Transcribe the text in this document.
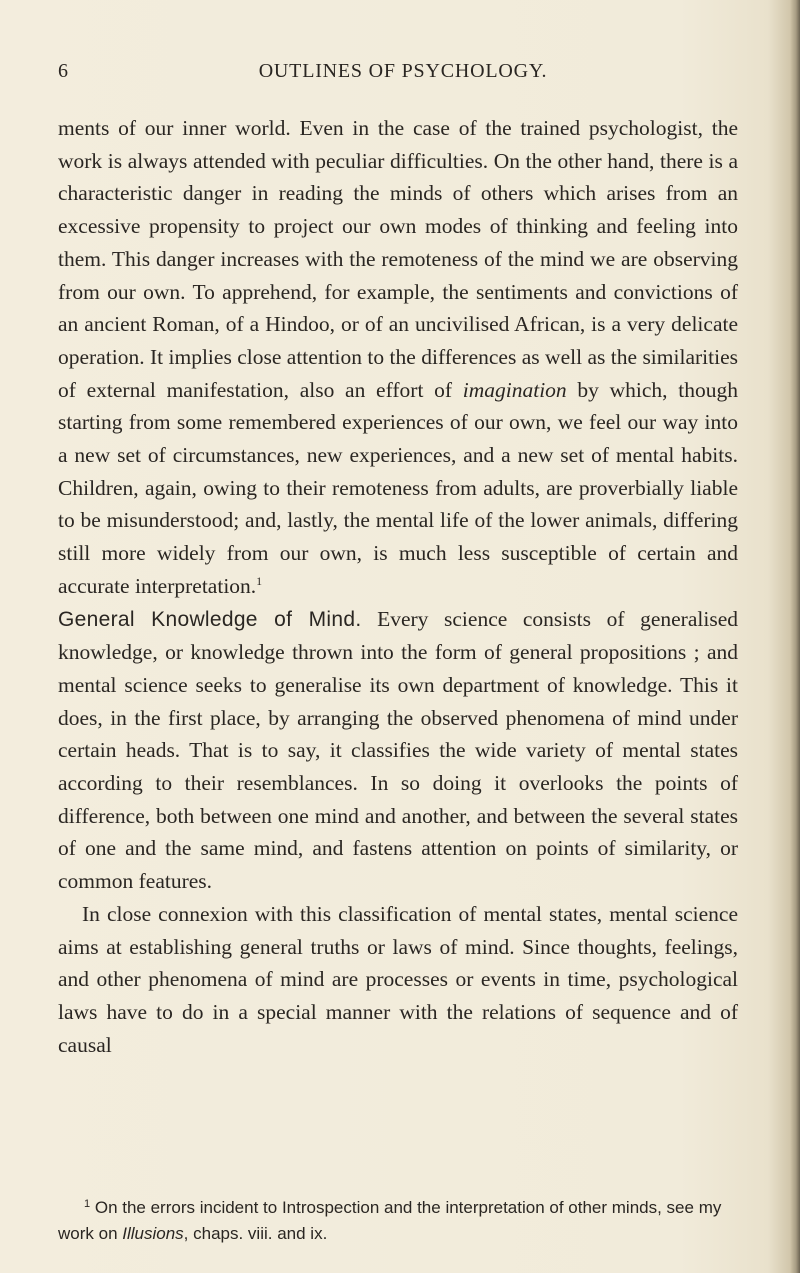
6	OUTLINES OF PSYCHOLOGY.

ments of our inner world. Even in the case of the trained psychologist, the work is always attended with peculiar difficulties. On the other hand, there is a characteristic danger in reading the minds of others which arises from an excessive propensity to project our own modes of thinking and feeling into them. This danger increases with the remoteness of the mind we are observing from our own. To apprehend, for example, the sentiments and convictions of an ancient Roman, of a Hindoo, or of an uncivilised African, is a very delicate operation. It implies close attention to the differences as well as the similarities of external manifestation, also an effort of imagination by which, though starting from some remembered experiences of our own, we feel our way into a new set of circumstances, new experiences, and a new set of mental habits. Children, again, owing to their remoteness from adults, are proverbially liable to be misunderstood; and, lastly, the mental life of the lower animals, differing still more widely from our own, is much less susceptible of certain and accurate interpretation.$^1$

General Knowledge of Mind. Every science consists of generalised knowledge, or knowledge thrown into the form of general propositions ; and mental science seeks to generalise its own department of knowledge. This it does, in the first place, by arranging the observed phenomena of mind under certain heads. That is to say, it classifies the wide variety of mental states according to their resemblances. In so doing it overlooks the points of difference, both between one mind and another, and between the several states of one and the same mind, and fastens attention on points of similarity, or common features.

In close connexion with this classification of mental states, mental science aims at establishing general truths or laws of mind. Since thoughts, feelings, and other phenomena of mind are processes or events in time, psychological laws have to do in a special manner with the relations of sequence and of causal

$^1$ On the errors incident to Introspection and the interpretation of other minds, see my work on Illusions, chaps. viii. and ix.
